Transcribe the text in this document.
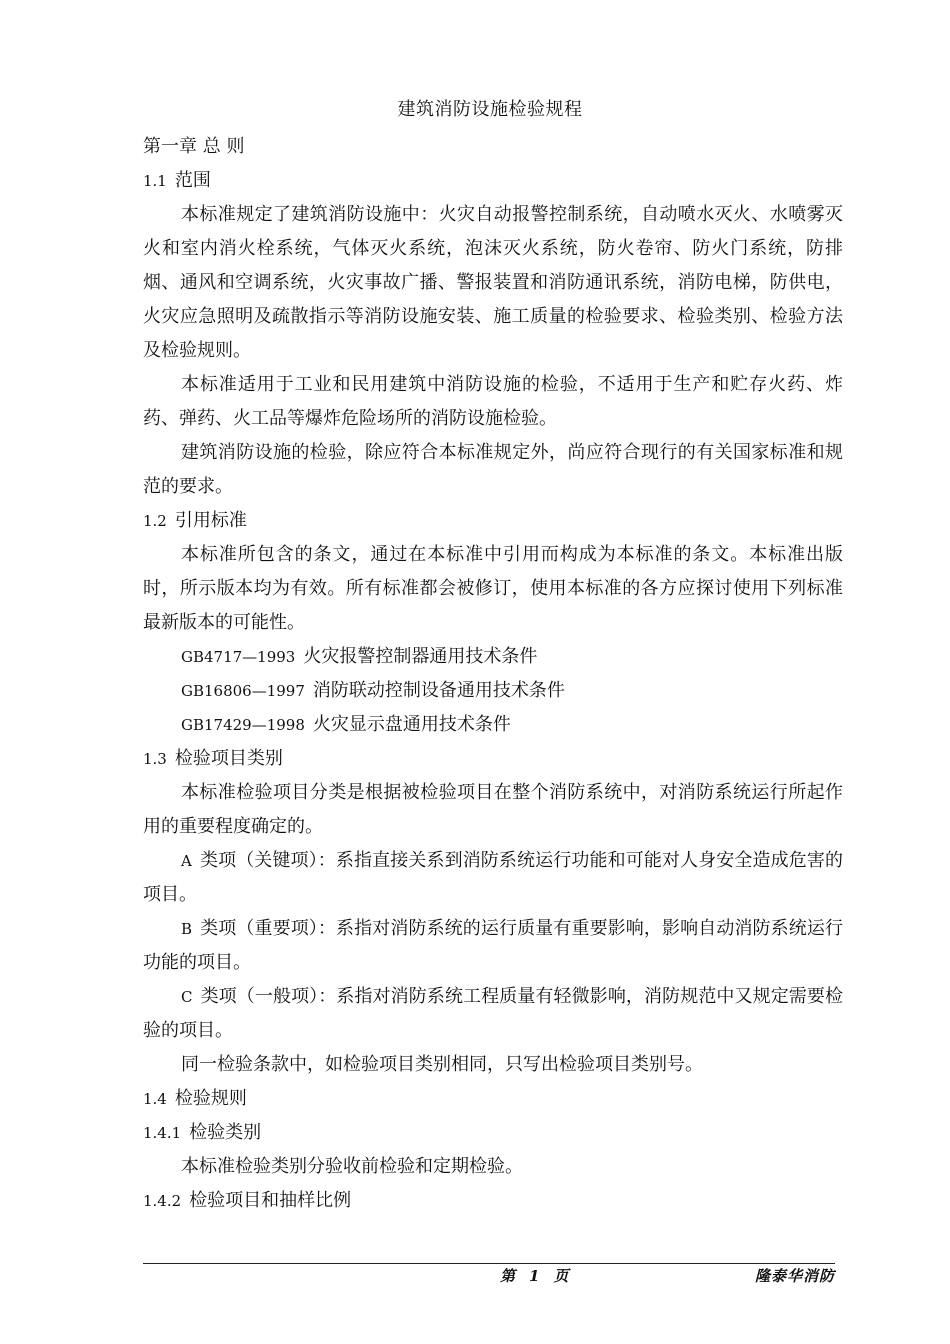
建筑消防设施检验规程

第一章 总 则

1.1 范围

本标准规定了建筑消防设施中：火灾自动报警控制系统，自动喷水灭火、水喷雾灭火和室内消火栓系统，气体灭火系统，泡沫灭火系统，防火卷帘、防火门系统，防排烟、通风和空调系统，火灾事故广播、警报装置和消防通讯系统，消防电梯，防供电，火灾应急照明及疏散指示等消防设施安装、施工质量的检验要求、检验类别、检验方法及检验规则。

本标准适用于工业和民用建筑中消防设施的检验，不适用于生产和贮存火药、炸药、弹药、火工品等爆炸危险场所的消防设施检验。

建筑消防设施的检验，除应符合本标准规定外，尚应符合现行的有关国家标准和规范的要求。

1.2 引用标准

本标准所包含的条文，通过在本标准中引用而构成为本标准的条文。本标准出版时，所示版本均为有效。所有标准都会被修订，使用本标准的各方应探讨使用下列标准最新版本的可能性。

GB4717—1993 火灾报警控制器通用技术条件

GB16806—1997 消防联动控制设备通用技术条件

GB17429—1998 火灾显示盘通用技术条件

1.3 检验项目类别

本标准检验项目分类是根据被检验项目在整个消防系统中，对消防系统运行所起作用的重要程度确定的。

A 类项（关键项）：系指直接关系到消防系统运行功能和可能对人身安全造成危害的项目。

B 类项（重要项）：系指对消防系统的运行质量有重要影响，影响自动消防系统运行功能的项目。

C 类项（一般项）：系指对消防系统工程质量有轻微影响，消防规范中又规定需要检验的项目。

同一检验条款中，如检验项目类别相同，只写出检验项目类别号。

1.4 检验规则

1.4.1 检验类别

本标准检验类别分验收前检验和定期检验。

1.4.2 检验项目和抽样比例

第 1 页	隆泰华消防
